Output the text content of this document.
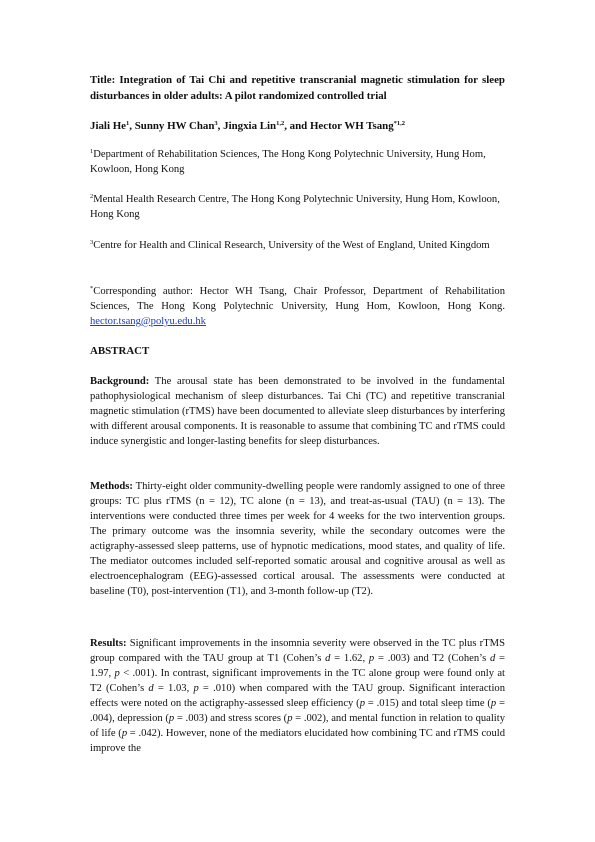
Title: Integration of Tai Chi and repetitive transcranial magnetic stimulation for sleep disturbances in older adults: A pilot randomized controlled trial
Jiali He$^1$, Sunny HW Chan$^3$, Jingxia Lin$^{1,2}$, and Hector WH Tsang$^{*1,2}$
$^1$Department of Rehabilitation Sciences, The Hong Kong Polytechnic University, Hung Hom, Kowloon, Hong Kong
$^2$Mental Health Research Centre, The Hong Kong Polytechnic University, Hung Hom, Kowloon, Hong Kong
$^3$Centre for Health and Clinical Research, University of the West of England, United Kingdom
*Corresponding author: Hector WH Tsang, Chair Professor, Department of Rehabilitation Sciences, The Hong Kong Polytechnic University, Hung Hom, Kowloon, Hong Kong. hector.tsang@polyu.edu.hk
ABSTRACT
Background: The arousal state has been demonstrated to be involved in the fundamental pathophysiological mechanism of sleep disturbances. Tai Chi (TC) and repetitive transcranial magnetic stimulation (rTMS) have been documented to alleviate sleep disturbances by interfering with different arousal components. It is reasonable to assume that combining TC and rTMS could induce synergistic and longer-lasting benefits for sleep disturbances.
Methods: Thirty-eight older community-dwelling people were randomly assigned to one of three groups: TC plus rTMS (n = 12), TC alone (n = 13), and treat-as-usual (TAU) (n = 13). The interventions were conducted three times per week for 4 weeks for the two intervention groups. The primary outcome was the insomnia severity, while the secondary outcomes were the actigraphy-assessed sleep patterns, use of hypnotic medications, mood states, and quality of life. The mediator outcomes included self-reported somatic arousal and cognitive arousal as well as electroencephalogram (EEG)-assessed cortical arousal. The assessments were conducted at baseline (T0), post-intervention (T1), and 3-month follow-up (T2).
Results: Significant improvements in the insomnia severity were observed in the TC plus rTMS group compared with the TAU group at T1 (Cohen’s d = 1.62, p = .003) and T2 (Cohen’s d = 1.97, p < .001). In contrast, significant improvements in the TC alone group were found only at T2 (Cohen’s d = 1.03, p = .010) when compared with the TAU group. Significant interaction effects were noted on the actigraphy-assessed sleep efficiency (p = .015) and total sleep time (p = .004), depression (p = .003) and stress scores (p = .002), and mental function in relation to quality of life (p = .042). However, none of the mediators elucidated how combining TC and rTMS could improve the
